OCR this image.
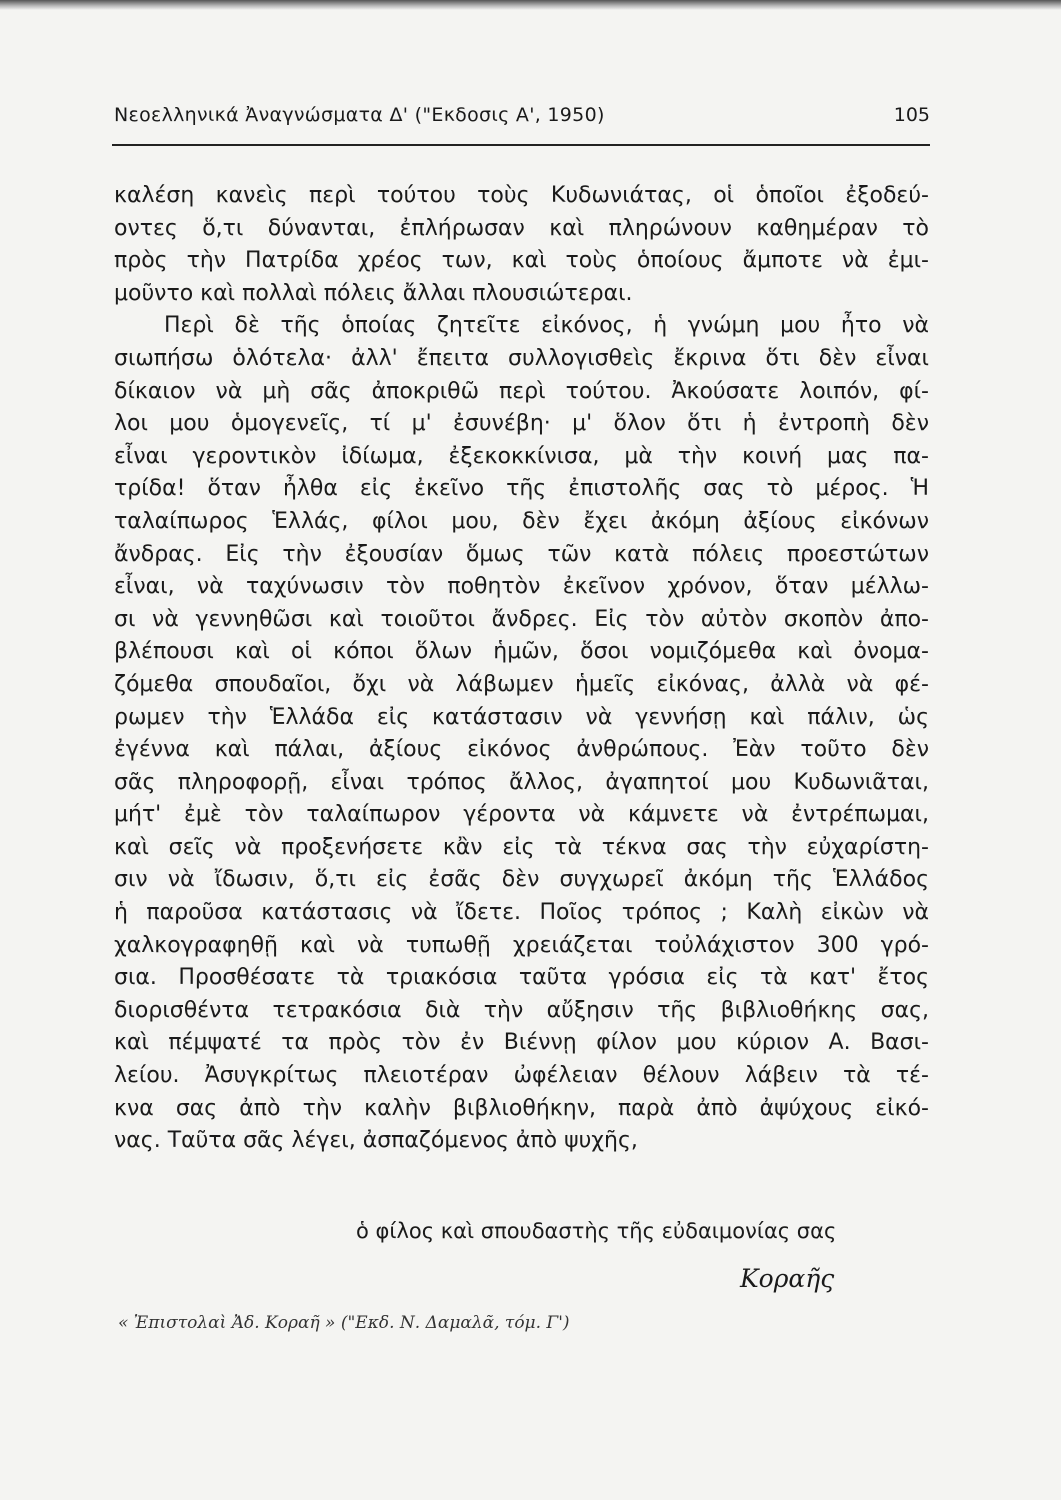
Νεοελληνικά Ἀναγνώσματα Δ' ("Εκδοσις Α', 1950)	105
καλέση κανεὶς περὶ τούτου τοὺς Κυδωνιάτας, οἱ ὁποῖοι ἐξοδεύ-
οντες ὅ,τι δύνανται, ἐπλήρωσαν καὶ πληρώνουν καθημέραν τὸ
πρὸς τὴν Πατρίδα χρέος των, καὶ τοὺς ὁποίους ἄμποτε νὰ ἐμι-
μοῦντο καὶ πολλαὶ πόλεις ἄλλαι πλουσιώτεραι.
Περὶ δὲ τῆς ὁποίας ζητεῖτε εἰκόνος, ἡ γνώμη μου ἦτο νὰ
σιωπήσω ὁλότελα· ἀλλ' ἔπειτα συλλογισθεὶς ἔκρινα ὅτι δὲν εἶναι
δίκαιον νὰ μὴ σᾶς ἀποκριθῶ περὶ τούτου. Ἀκούσατε λοιπόν, φί-
λοι μου ὁμογενεῖς, τί μ' ἐσυνέβη· μ' ὅλον ὅτι ἡ ἐντροπὴ δὲν
εἶναι γεροντικὸν ἰδίωμα, ἐξεκοκκίνισα, μὰ τὴν κοινή μας πα-
τρίδα! ὅταν ἦλθα εἰς ἐκεῖνο τῆς ἐπιστολῆς σας τὸ μέρος. Ἡ
ταλαίπωρος Ἑλλάς, φίλοι μου, δὲν ἔχει ἀκόμη ἀξίους εἰκόνων
ἄνδρας. Εἰς τὴν ἐξουσίαν ὅμως τῶν κατὰ πόλεις προεστώτων
εἶναι, νὰ ταχύνωσιν τὸν ποθητὸν ἐκεῖνον χρόνον, ὅταν μέλλω-
σι νὰ γεννηθῶσι καὶ τοιοῦτοι ἄνδρες. Εἰς τὸν αὐτὸν σκοπὸν ἀπο-
βλέπουσι καὶ οἱ κόποι ὅλων ἡμῶν, ὅσοι νομιζόμεθα καὶ ὀνομα-
ζόμεθα σπουδαῖοι, ὄχι νὰ λάβωμεν ἡμεῖς εἰκόνας, ἀλλὰ νὰ φέ-
ρωμεν τὴν Ἑλλάδα εἰς κατάστασιν νὰ γεννήσῃ καὶ πάλιν, ὡς
ἐγέννα καὶ πάλαι, ἀξίους εἰκόνος ἀνθρώπους. Ἐὰν τοῦτο δὲν
σᾶς πληροφορῇ, εἶναι τρόπος ἄλλος, ἀγαπητοί μου Κυδωνιᾶται,
μήτ' ἐμὲ τὸν ταλαίπωρον γέροντα νὰ κάμνετε νὰ ἐντρέπωμαι,
καὶ σεῖς νὰ προξενήσετε κἂν εἰς τὰ τέκνα σας τὴν εὐχαρίστη-
σιν νὰ ἴδωσιν, ὅ,τι εἰς ἐσᾶς δὲν συγχωρεῖ ἀκόμη τῆς Ἑλλάδος
ἡ παροῦσα κατάστασις νὰ ἴδετε. Ποῖος τρόπος ; Καλὴ εἰκὼν νὰ
χαλκογραφηθῇ καὶ νὰ τυπωθῇ χρειάζεται τοὐλάχιστον 300 γρό-
σια. Προσθέσατε τὰ τριακόσια ταῦτα γρόσια εἰς τὰ κατ' ἔτος
διορισθέντα τετρακόσια διὰ τὴν αὔξησιν τῆς βιβλιοθήκης σας,
καὶ πέμψατέ τα πρὸς τὸν ἐν Βιέννῃ φίλον μου κύριον Α. Βασι-
λείου. Ἀσυγκρίτως πλειοτέραν ὠφέλειαν θέλουν λάβειν τὰ τέ-
κνα σας ἀπὸ τὴν καλὴν βιβλιοθήκην, παρὰ ἀπὸ ἀψύχους εἰκό-
νας. Ταῦτα σᾶς λέγει, ἀσπαζόμενος ἀπὸ ψυχῆς,
ὁ φίλος καὶ σπουδαστὴς τῆς εὐδαιμονίας σας
Κοραῆς
« Ἐπιστολαὶ Ἀδ. Κοραῆ » ("Εκδ. Ν. Δαμαλᾶ, τόμ. Γ')
